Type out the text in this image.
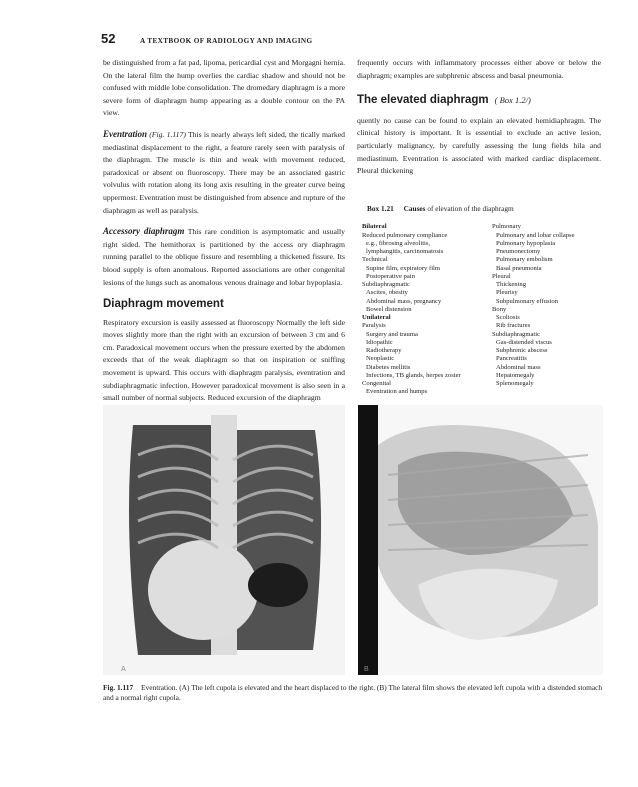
52	A TEXTBOOK OF RADIOLOGY AND IMAGING

be distinguished from a fat pad, lipoma, pericardial cyst and Morgagni hernia. On the lateral film the hump overlies the cardiac shadow and should not be confused with middle lobe consolidation. The dromedary diaphragm is a more severe form of diaphragm hump appearing as a double contour on the PA view.

Eventration (Fig. 1.117) This is nearly always left sided, the tically marked mediastinal displacement to the right, a feature rarely seen with paralysis of the diaphragm. The muscle is thin and weak with movement reduced, paradoxical or absent on fluoroscopy. There may be an associated gastric volvulus with rotation along its long axis resulting in the greater curve being uppermost. Eventration must be distinguished from absence and rupture of the diaphragm as well as paralysis.

Accessory diaphragm This rare condition is asymptomatic and usually right sided. The hemithorax is partitioned by the access ory diaphragm running parallel to the oblique fissure and resembling a thickened fissure. Its blood supply is often anomalous. Reported associations are other congenital lesions of the lungs such as anomalous venous drainage and lobar hypoplasia.

Diaphragm movement

Respiratory excursion is easily assessed at fluoroscopy Normally the left side moves slightly more than the right with an excursion of between 3 cm and 6 cm. Paradoxical movement occurs when the pressure exerted by the abdomen exceeds that of the weak diaphragm so that on inspiration or sniffing movement is upward. This occurs with diaphragm paralysis, eventration and subdiaphragmatic infection. However paradoxical movement is also seen in a small number of normal subjects. Reduced excursion of the diaphragm

frequently occurs with inflammatory processes either above or below the diaphragm; examples are subphrenic abscess and basal pneumonia.

The elevated diaphragm ( Box 1.2/)

quently no cause can be found to explain an elevated hemidiaphragm. The clinical history is important. It is essential to exclude an active lesion, particularly malignancy, by carefully assessing the lung fields hila and mediastinum. Eventration is associated with marked cardiac displacement. Pleural thickening

Box 1.21 Causes of elevation of the diaphragm
Bilateral
Reduced pulmonary compliance
e.g., fibrosing alveolitis,
lymphangitis, carcinomatosis
Technical
Supine film, expiratory film
Postoperative pain
Subdiaphragmatic
Ascites, obesity
Abdominal mass, pregnancy
Bowel distension
Unilateral
Paralysis
Surgery and trauma
Idiopathic
Radiotherapy
Neoplastic
Diabetes mellitis
Infections, TB glands, herpes zoster
Congenital
Eventration and humps
Pulmonary
Pulmonary and lobar collapse
Pulmonary hypoplasia
Pneumonectomy
Pulmonary embolism
Basal pneumonia
Pleural
Thickening
Pleurisy
Subpulmonary effusion
Bony
Scoliosis
Rib fractures
Subdiaphragmatic
Gas-distended viscus
Subphrenic abscess
Pancreatitis
Abdominal mass
Hepatomegaly
Splenomegaly
A	B
Fig. 1.117 Eventration. (A) The left cupola is elevated and the heart displaced to the right. (B) The lateral film shows the elevated left cupola with a distended stomach and a normal right cupola.
